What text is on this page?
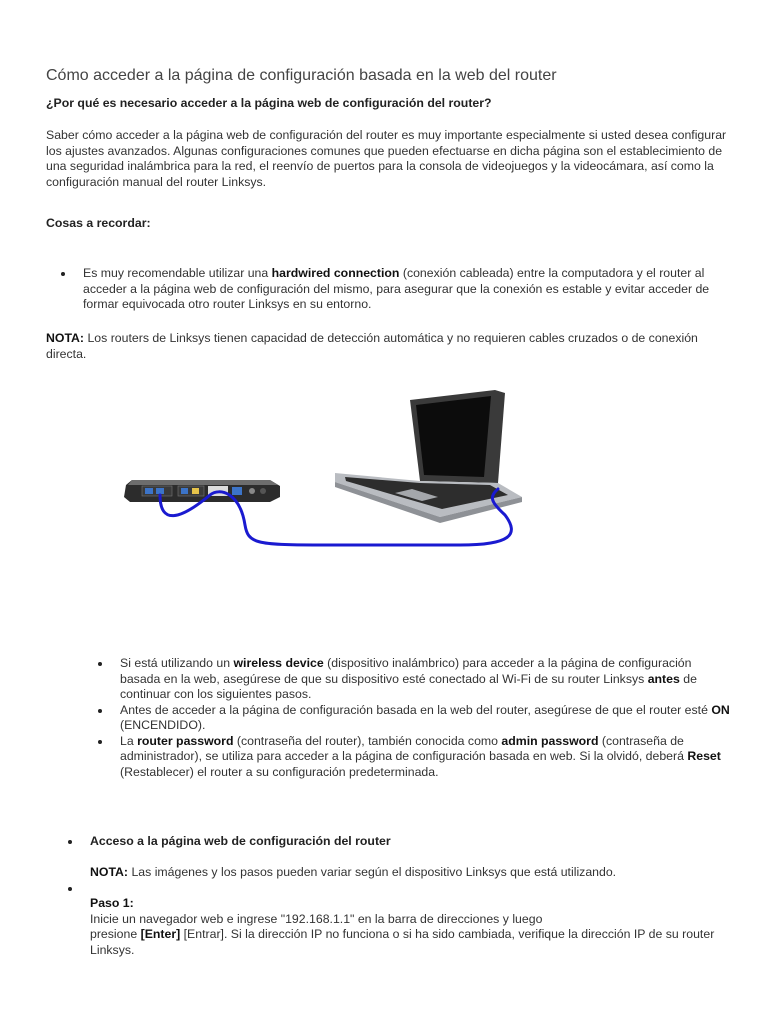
Cómo acceder a la página de configuración basada en la web del router
¿Por qué es necesario acceder a la página web de configuración del router?
Saber cómo acceder a la página web de configuración del router es muy importante especialmente si usted desea configurar los ajustes avanzados. Algunas configuraciones comunes que pueden efectuarse en dicha página son el establecimiento de una seguridad inalámbrica para la red, el reenvío de puertos para la consola de videojuegos y la videocámara, así como la configuración manual del router Linksys.
Cosas a recordar:
Es muy recomendable utilizar una hardwired connection (conexión cableada) entre la computadora y el router al acceder a la página web de configuración del mismo, para asegurar que la conexión es estable y evitar acceder de formar equivocada otro router Linksys en su entorno.
NOTA: Los routers de Linksys tienen capacidad de detección automática y no requieren cables cruzados o de conexión directa.
Si está utilizando un wireless device (dispositivo inalámbrico) para acceder a la página de configuración basada en la web, asegúrese de que su dispositivo esté conectado al Wi-Fi de su router Linksys antes de continuar con los siguientes pasos.
Antes de acceder a la página de configuración basada en la web del router, asegúrese de que el router esté ON (ENCENDIDO).
La router password (contraseña del router), también conocida como admin password (contraseña de administrador), se utiliza para acceder a la página de configuración basada en web. Si la olvidó, deberá Reset (Restablecer) el router a su configuración predeterminada.
Acceso a la página web de configuración del router
NOTA: Las imágenes y los pasos pueden variar según el dispositivo Linksys que está utilizando.
Paso 1:
Inicie un navegador web e ingrese "192.168.1.1" en la barra de direcciones y luego
presione [Enter] [Entrar]. Si la dirección IP no funciona o si ha sido cambiada, verifique la dirección IP de su router Linksys.
